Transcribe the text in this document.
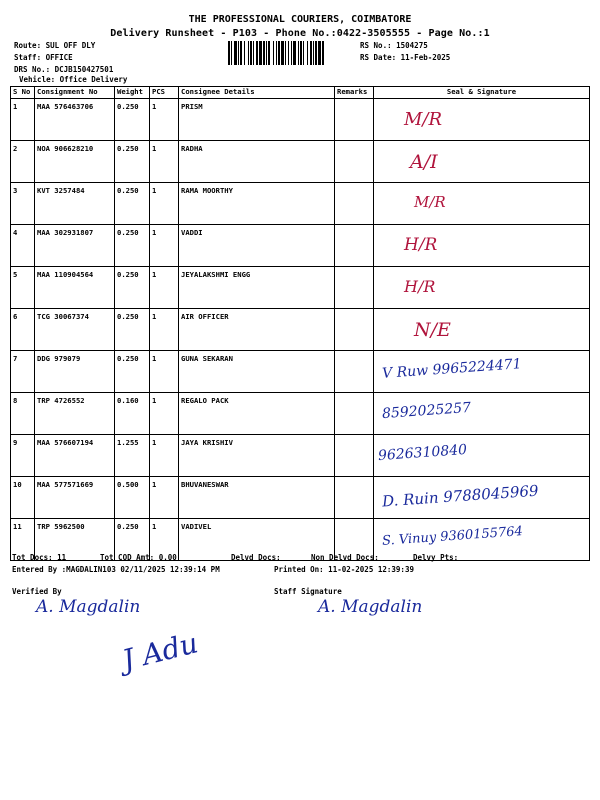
THE PROFESSIONAL COURIERS, COIMBATORE
Delivery Runsheet - P103 - Phone No.:0422-3505555 - Page No.:1
Route: SUL OFF DLY
Staff: OFFICE
DRS No.: DCJB150427501
Vehicle: Office Delivery
RS No.: 1504275
RS Date: 11-Feb-2025
S No	Consignment No	Weight	PCS	Consignee Details	Remarks	Seal & Signature
1	MAA 576463706	0.250	1	PRISM		M/R

2	NOA 906628210	0.250	1	RADHA		A/I

3	KVT 3257484	0.250	1	RAMA MOORTHY		M/R

4	MAA 302931807	0.250	1	VADDI		H/R

5	MAA 110904564	0.250	1	JEYALAKSHMI ENGG		H/R

6	TCG 30067374	0.250	1	AIR OFFICER		N/E

7	DDG 979079	0.250	1	GUNA SEKARAN		V Ruw 9965224471

8	TRP 4726552	0.160	1	REGALO PACK		8592025257

9	MAA 576607194	1.255	1	JAYA KRISHIV		9626310840

10	MAA 577571669	0.500	1	BHUVANESWAR		D. Ruin 9788045969

11	TRP 5962500	0.250	1	VADIVEL		S. Vinuy 9360155764
Tot Docs: 11	Tot COD Amt: 0.00	Delvd Docs:	Non Delvd Docs:	Delvy Pts:
Entered By :MAGDALIN103 02/11/2025 12:39:14 PM	Printed On: 11-02-2025 12:39:39
Verified By	Staff Signature
A. Magdalin	A. Magdalin
J Adu
